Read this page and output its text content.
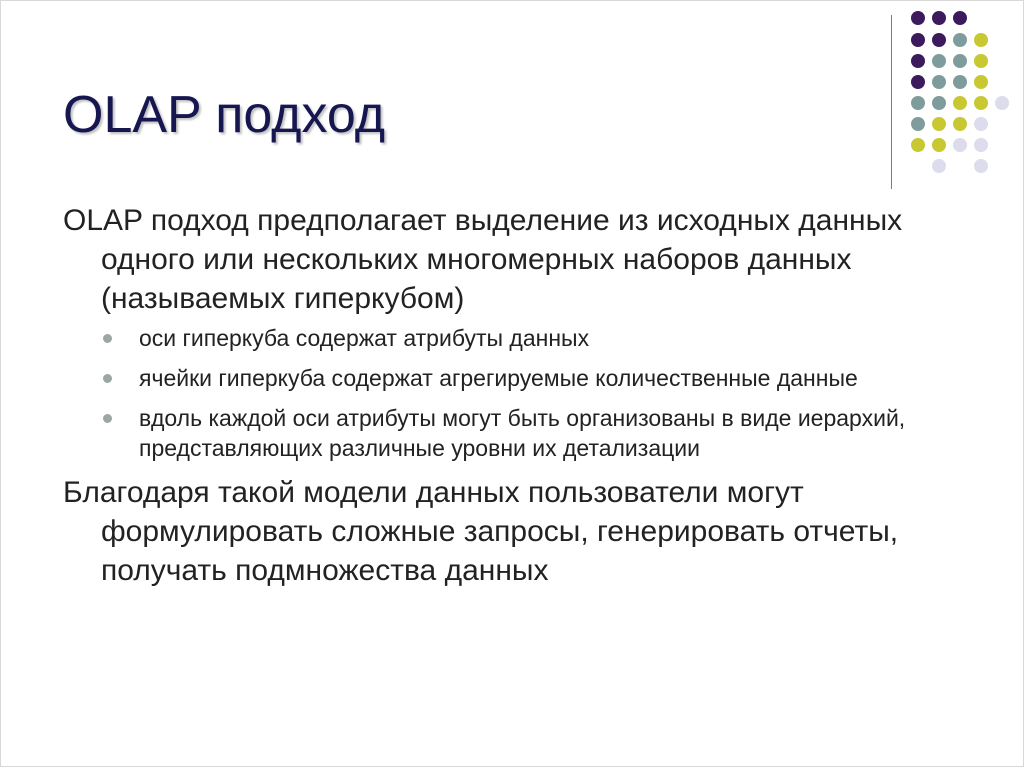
OLAP подход

OLAP подход предполагает выделение из исходных данных одного или нескольких многомерных наборов данных (называемых гиперкубом)

оси гиперкуба содержат атрибуты данных
ячейки гиперкуба содержат агрегируемые количественные данные
вдоль каждой оси атрибуты могут быть организованы в виде иерархий, представляющих различные уровни их детализации

Благодаря такой модели данных пользователи могут формулировать сложные запросы, генерировать отчеты, получать подмножества данных
